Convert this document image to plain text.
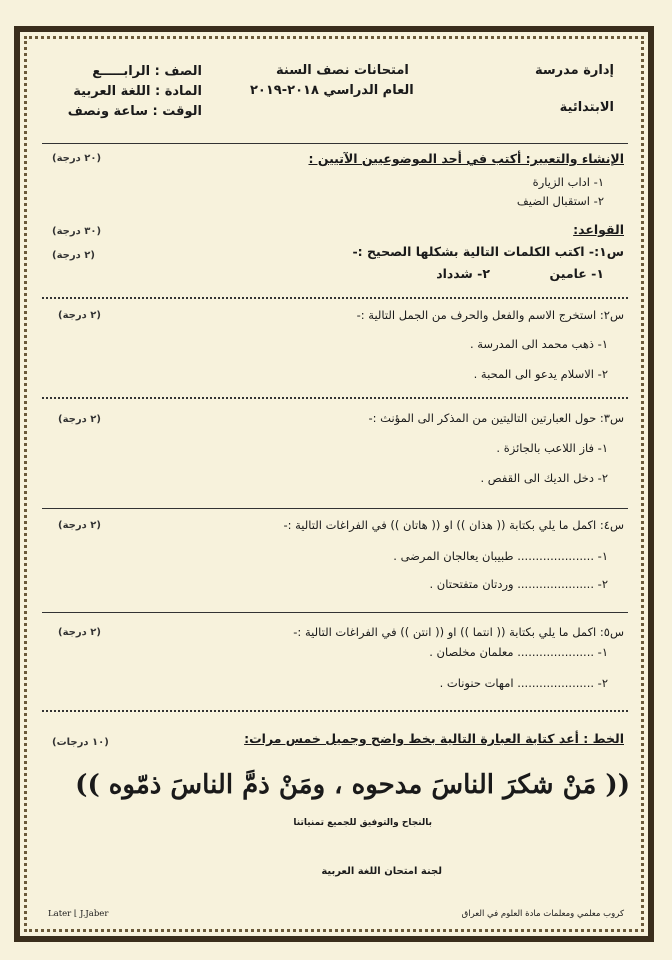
إدارة مدرسة
الابتدائية
امتحانات نصف السنة
العام الدراسي ٢٠١٨-٢٠١٩
الصف : الرابـــــع
المادة : اللغة العربية
الوقت : ساعة ونصف
الإنشاء والتعبير: أكتب في أحد الموضوعيين الآتيين :
(٢٠ درجة)
١- اداب الزيارة
٢- استقبال الضيف
القواعد:
(٣٠ درجة)
س١:- اكتب الكلمات التالية بشكلها الصحيح :-
(٢ درجة)
١- عامين
٢- شدداد
س٢: استخرج الاسم والفعل والحرف من الجمل التالية :-
(٢ درجة)
١- ذهب محمد الى المدرسة .
٢- الاسلام يدعو الى المحبة .
س٣: حول العبارتين التاليتين من المذكر الى المؤنث :-
(٢ درجة)
١- فاز اللاعب بالجائزة .
٢- دخل الديك الى القفص .
س٤: اكمل ما يلي بكتابة (( هذان )) او (( هاتان )) في الفراغات التالية :-
(٢ درجة)
١- ..................... طبيبان يعالجان المرضى .
٢- ..................... وردتان متفتحتان .
س٥: اكمل ما يلي بكتابة (( انتما )) او (( انتن )) في الفراغات التالية :-
(٢ درجة)
١- ..................... معلمان مخلصان .
٢- ..................... امهات حنونات .
الخط : أعد كتابة العبارة التالية بخط واضح وجميل خمس مرات:
(١٠ درجات)
(( مَنْ شكرَ الناسَ مدحوه ، ومَنْ ذمَّ الناسَ ذمّوه ))
بالنجاح والتوفيق للجميع تمنياتنا
لجنة امتحان اللغة العربية
Later ⌊ J.Jaber	كروب معلمي ومعلمات مادة العلوم في العراق
